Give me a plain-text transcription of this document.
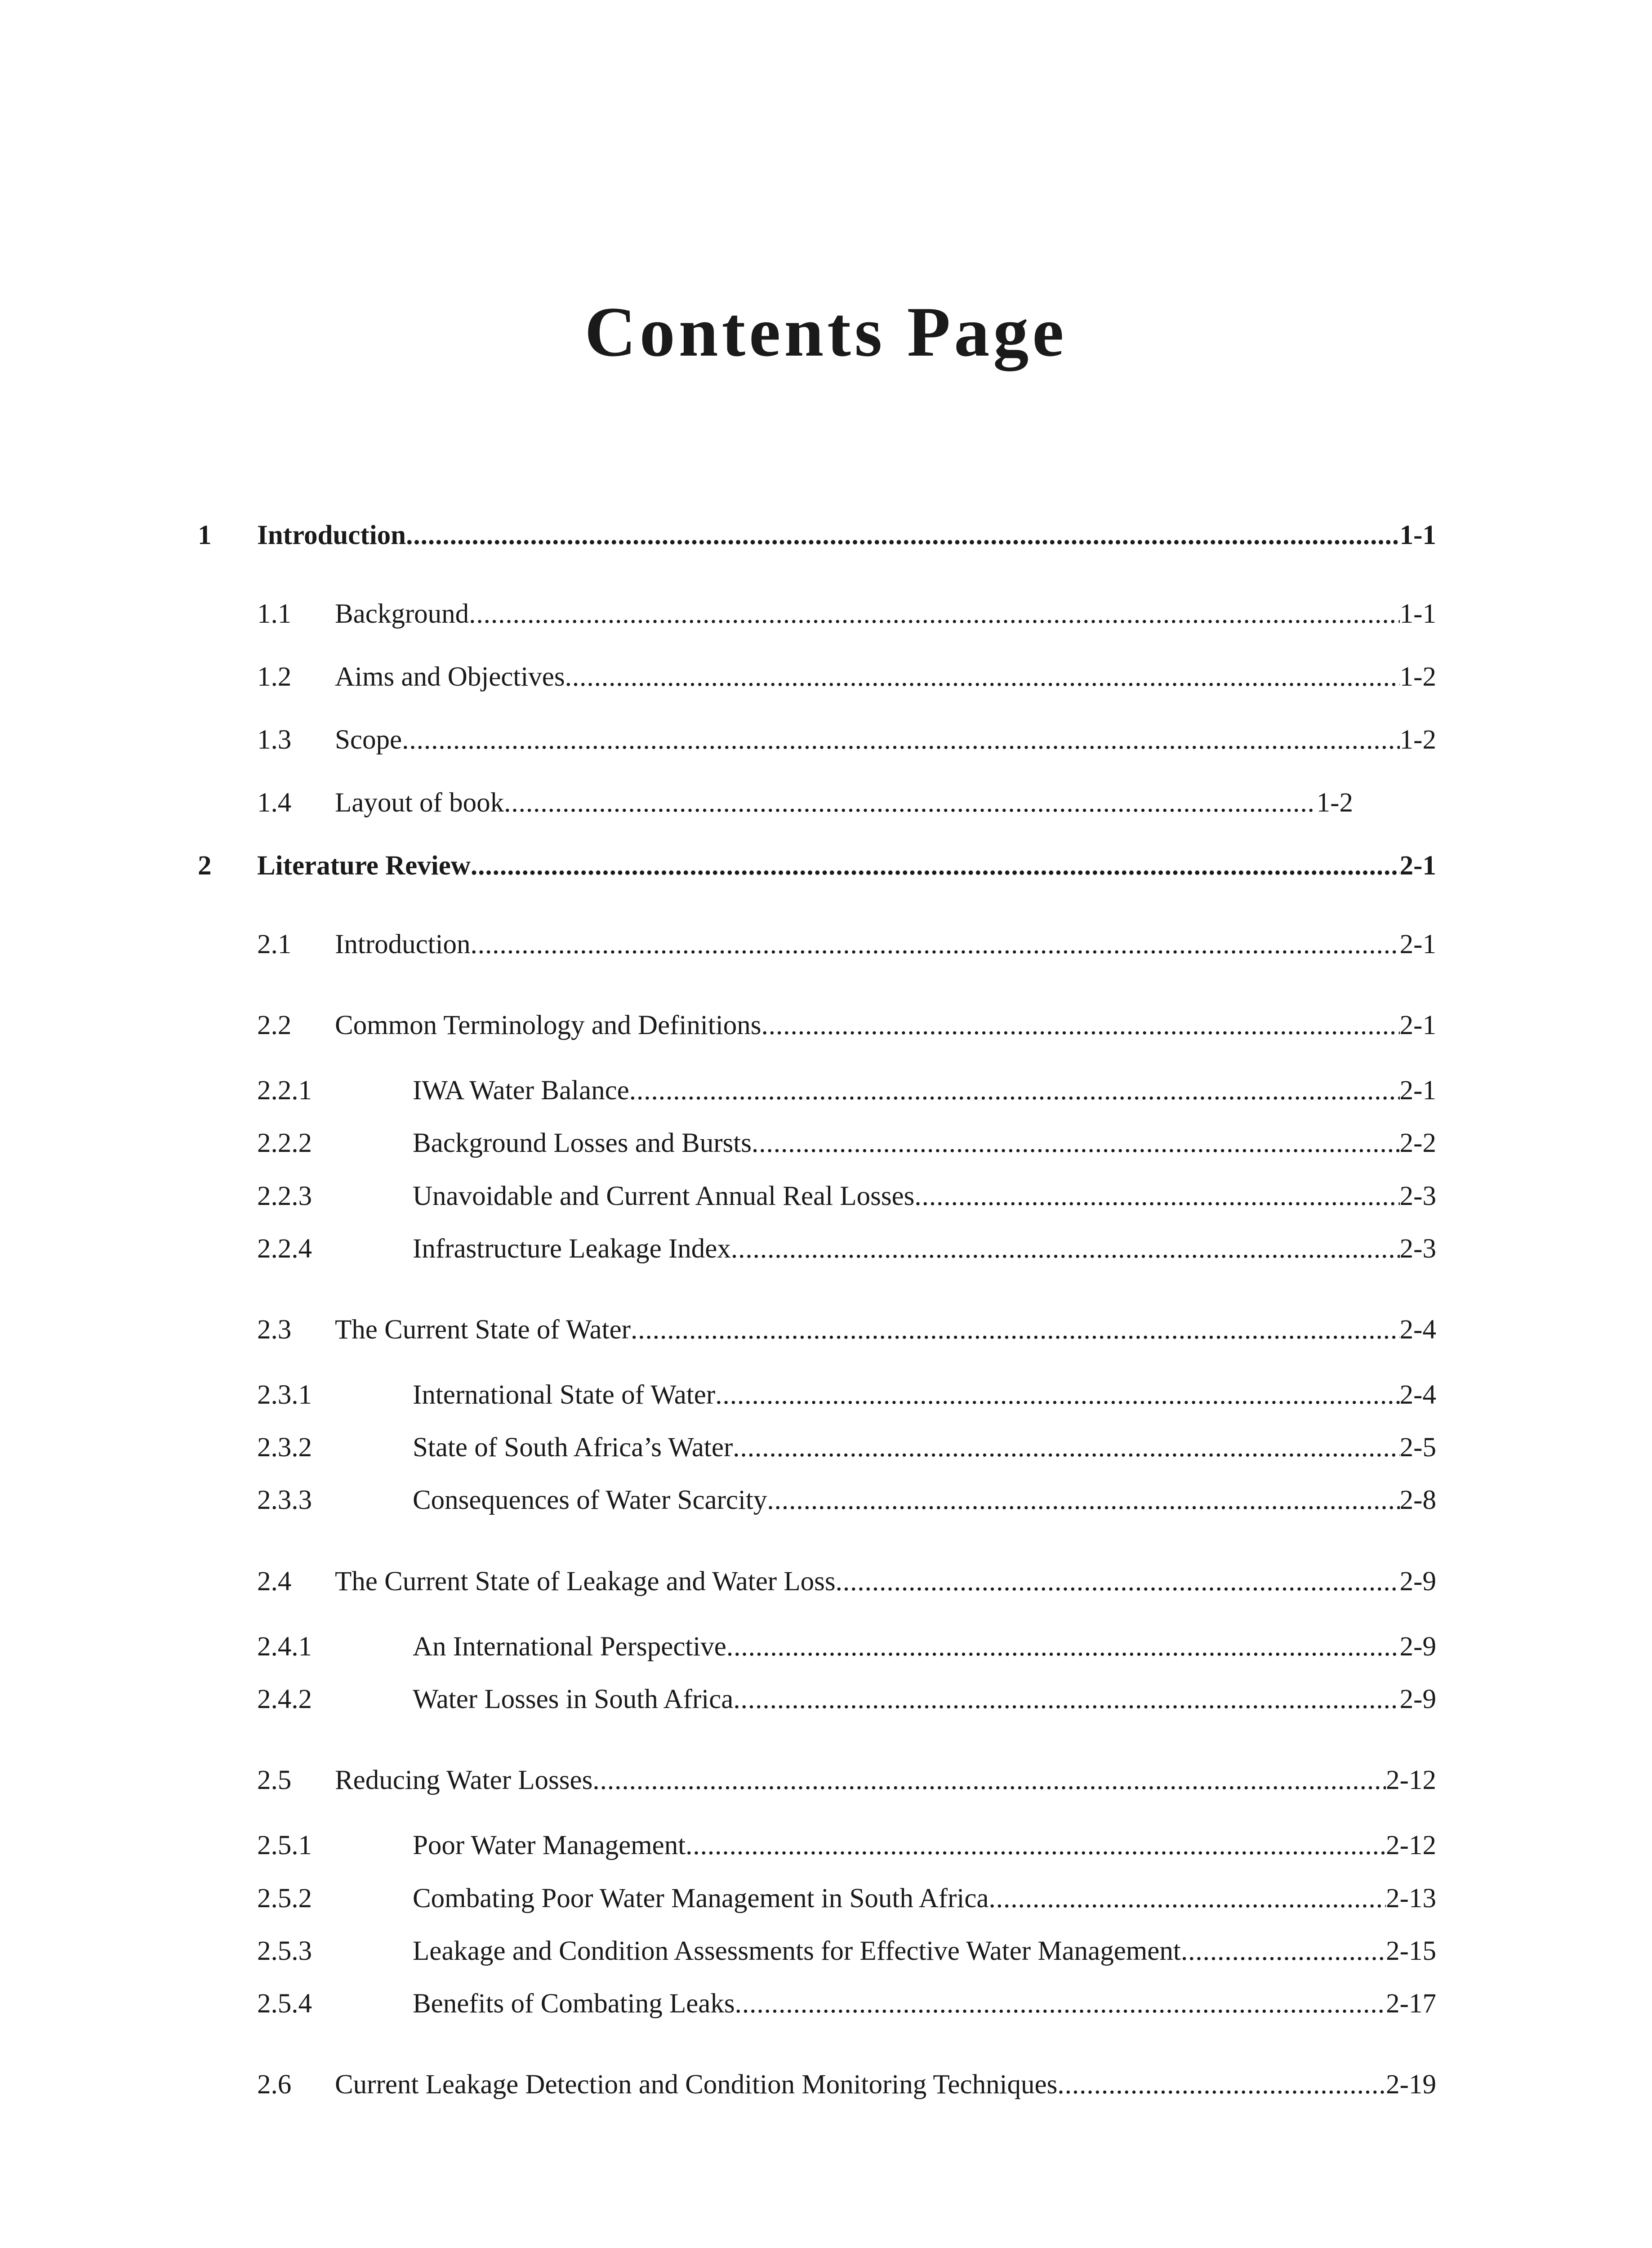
Contents Page
1 Introduction .....	1-1
1.1 Background .....	1-1
1.2 Aims and Objectives .....	1-2
1.3 Scope .....	1-2
1.4 Layout of book .....	1-2
2 Literature Review .....	2-1
2.1 Introduction .....	2-1
2.2 Common Terminology and Definitions .....	2-1
2.2.1	IWA Water Balance .....	2-1
2.2.2	Background Losses and Bursts .....	2-2
2.2.3	Unavoidable and Current Annual Real Losses .....	2-3
2.2.4	Infrastructure Leakage Index .....	2-3
2.3 The Current State of Water .....	2-4
2.3.1	International State of Water .....	2-4
2.3.2	State of South Africa’s Water .....	2-5
2.3.3	Consequences of Water Scarcity .....	2-8
2.4 The Current State of Leakage and Water Loss .....	2-9
2.4.1	An International Perspective .....	2-9
2.4.2	Water Losses in South Africa .....	2-9
2.5 Reducing Water Losses .....	2-12
2.5.1	Poor Water Management .....	2-12
2.5.2	Combating Poor Water Management in South Africa .....	2-13
2.5.3	Leakage and Condition Assessments for Effective Water Management .....	2-15
2.5.4	Benefits of Combating Leaks .....	2-17
2.6 Current Leakage Detection and Condition Monitoring Techniques .....	2-19
